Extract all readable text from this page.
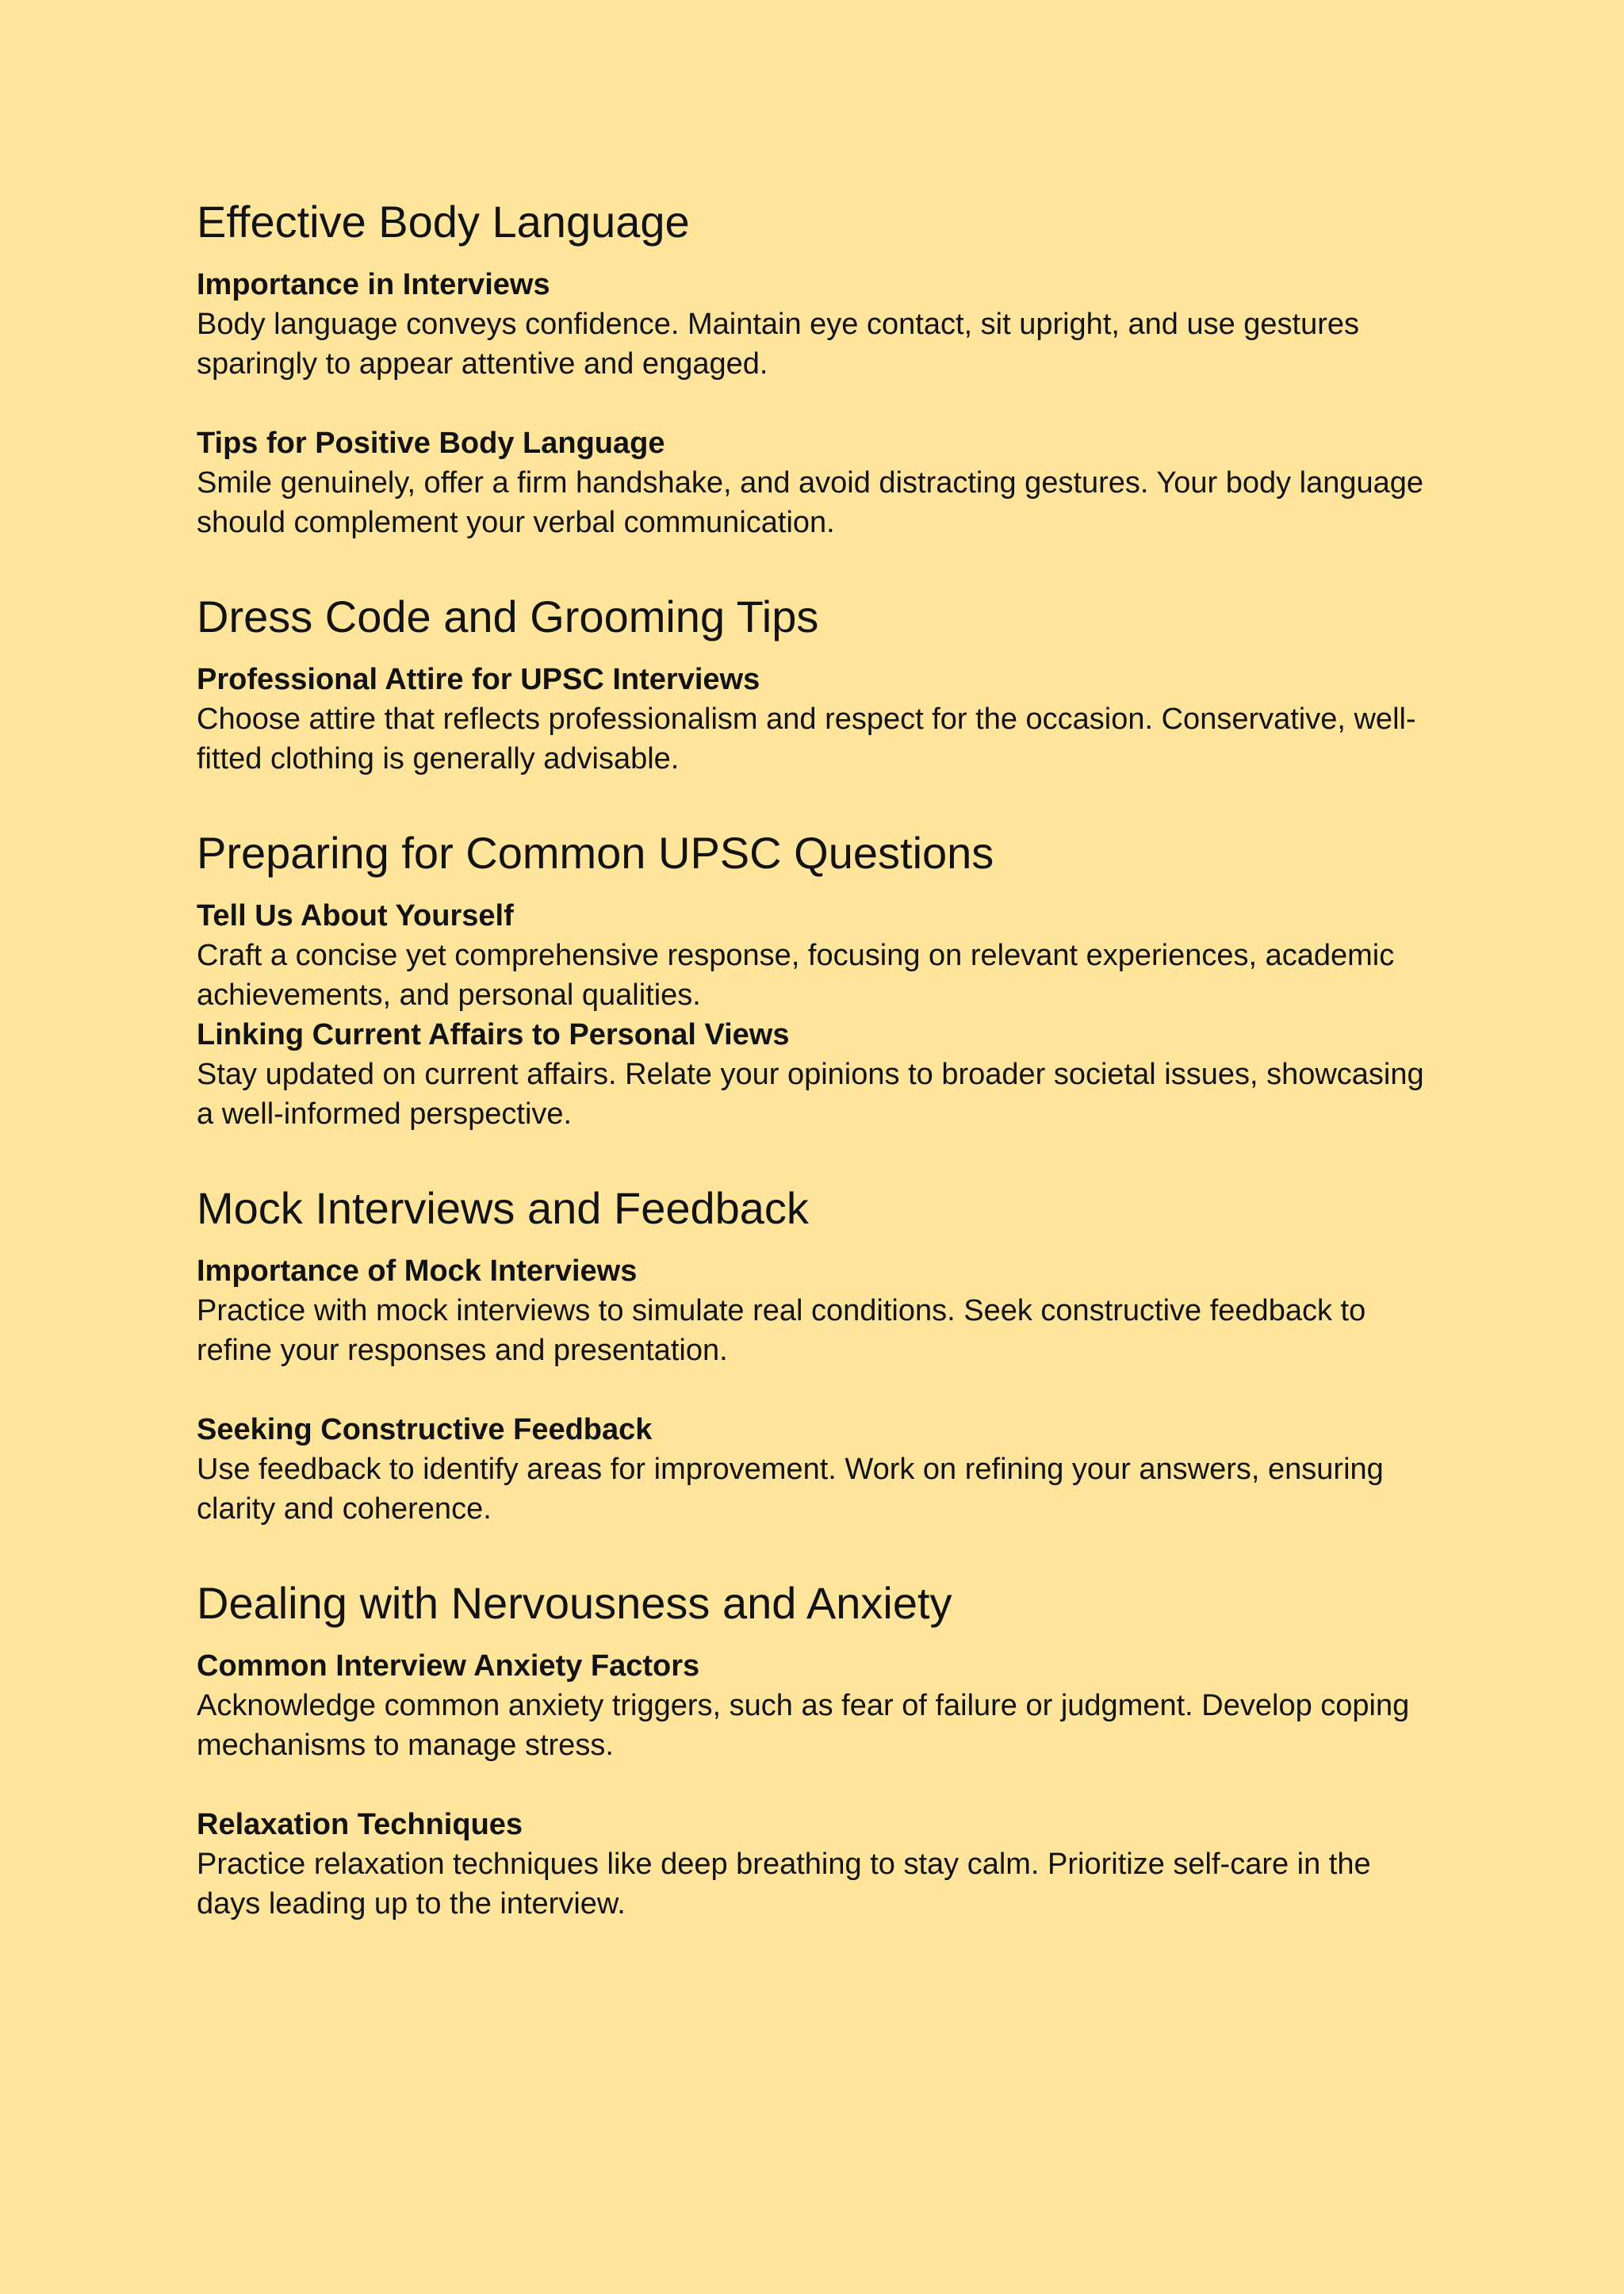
Effective Body Language
Importance in Interviews

Body language conveys confidence. Maintain eye contact, sit upright, and use gestures sparingly to appear attentive and engaged.

Tips for Positive Body Language

Smile genuinely, offer a firm handshake, and avoid distracting gestures. Your body language should complement your verbal communication.

Dress Code and Grooming Tips
Professional Attire for UPSC Interviews

Choose attire that reflects professionalism and respect for the occasion. Conservative, well-fitted clothing is generally advisable.

Preparing for Common UPSC Questions
Tell Us About Yourself

Craft a concise yet comprehensive response, focusing on relevant experiences, academic achievements, and personal qualities.

Linking Current Affairs to Personal Views

Stay updated on current affairs. Relate your opinions to broader societal issues, showcasing a well-informed perspective.

Mock Interviews and Feedback
Importance of Mock Interviews

Practice with mock interviews to simulate real conditions. Seek constructive feedback to refine your responses and presentation.

Seeking Constructive Feedback

Use feedback to identify areas for improvement. Work on refining your answers, ensuring clarity and coherence.

Dealing with Nervousness and Anxiety
Common Interview Anxiety Factors

Acknowledge common anxiety triggers, such as fear of failure or judgment. Develop coping mechanisms to manage stress.

Relaxation Techniques

Practice relaxation techniques like deep breathing to stay calm. Prioritize self-care in the days leading up to the interview.
